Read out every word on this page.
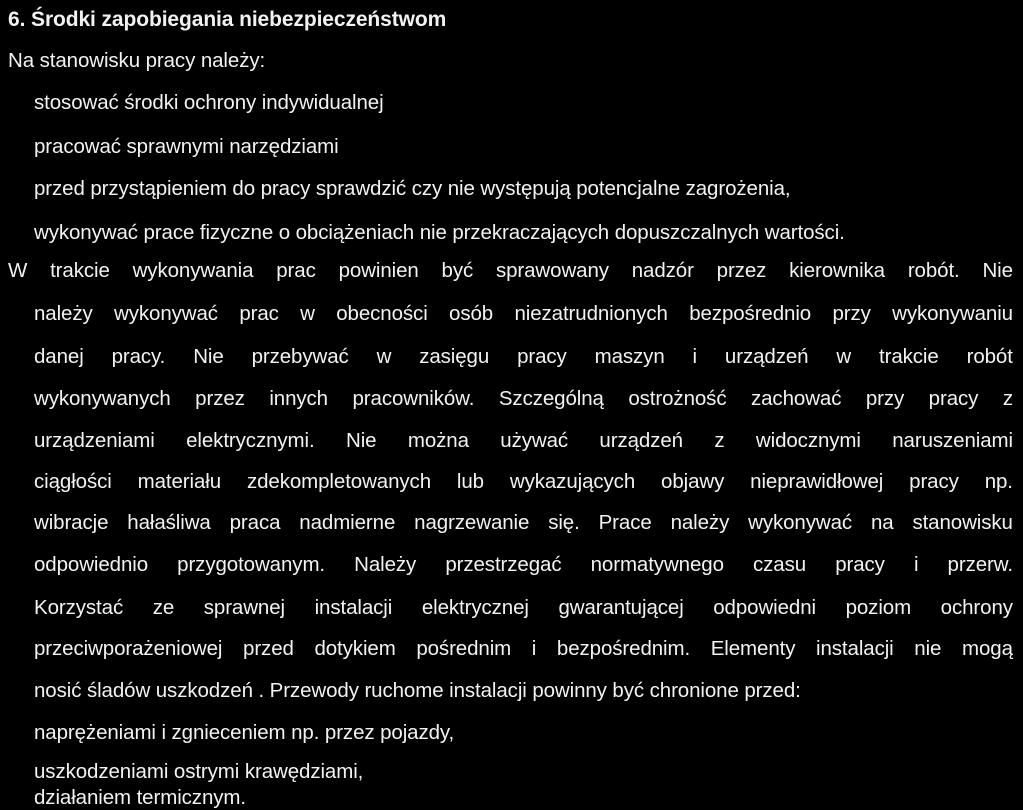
6. Środki zapobiegania niebezpieczeństwom
Na stanowisku pracy należy:
stosować środki ochrony indywidualnej
pracować sprawnymi narzędziami
przed przystąpieniem do pracy sprawdzić czy nie występują potencjalne zagrożenia,
wykonywać prace fizyczne o obciążeniach nie przekraczających dopuszczalnych wartości.
W trakcie wykonywania prac powinien być sprawowany nadzór przez kierownika robót. Nie
należy wykonywać prac w obecności osób niezatrudnionych bezpośrednio przy wykonywaniu
danej pracy. Nie przebywać w zasięgu pracy maszyn i urządzeń w trakcie robót
wykonywanych przez innych pracowników. Szczególną ostrożność zachować przy pracy z
urządzeniami elektrycznymi. Nie można używać urządzeń z widocznymi naruszeniami
ciągłości materiału zdekompletowanych lub wykazujących objawy nieprawidłowej pracy np.
wibracje hałaśliwa praca nadmierne nagrzewanie się. Prace należy wykonywać na stanowisku
odpowiednio przygotowanym. Należy przestrzegać normatywnego czasu pracy i przerw.
Korzystać ze sprawnej instalacji elektrycznej gwarantującej odpowiedni poziom ochrony
przeciwporażeniowej przed dotykiem pośrednim i bezpośrednim. Elementy instalacji nie mogą
nosić śladów uszkodzeń . Przewody ruchome instalacji powinny być chronione przed:
naprężeniami i zgnieceniem np. przez pojazdy,
uszkodzeniami ostrymi krawędziami,
działaniem termicznym.
